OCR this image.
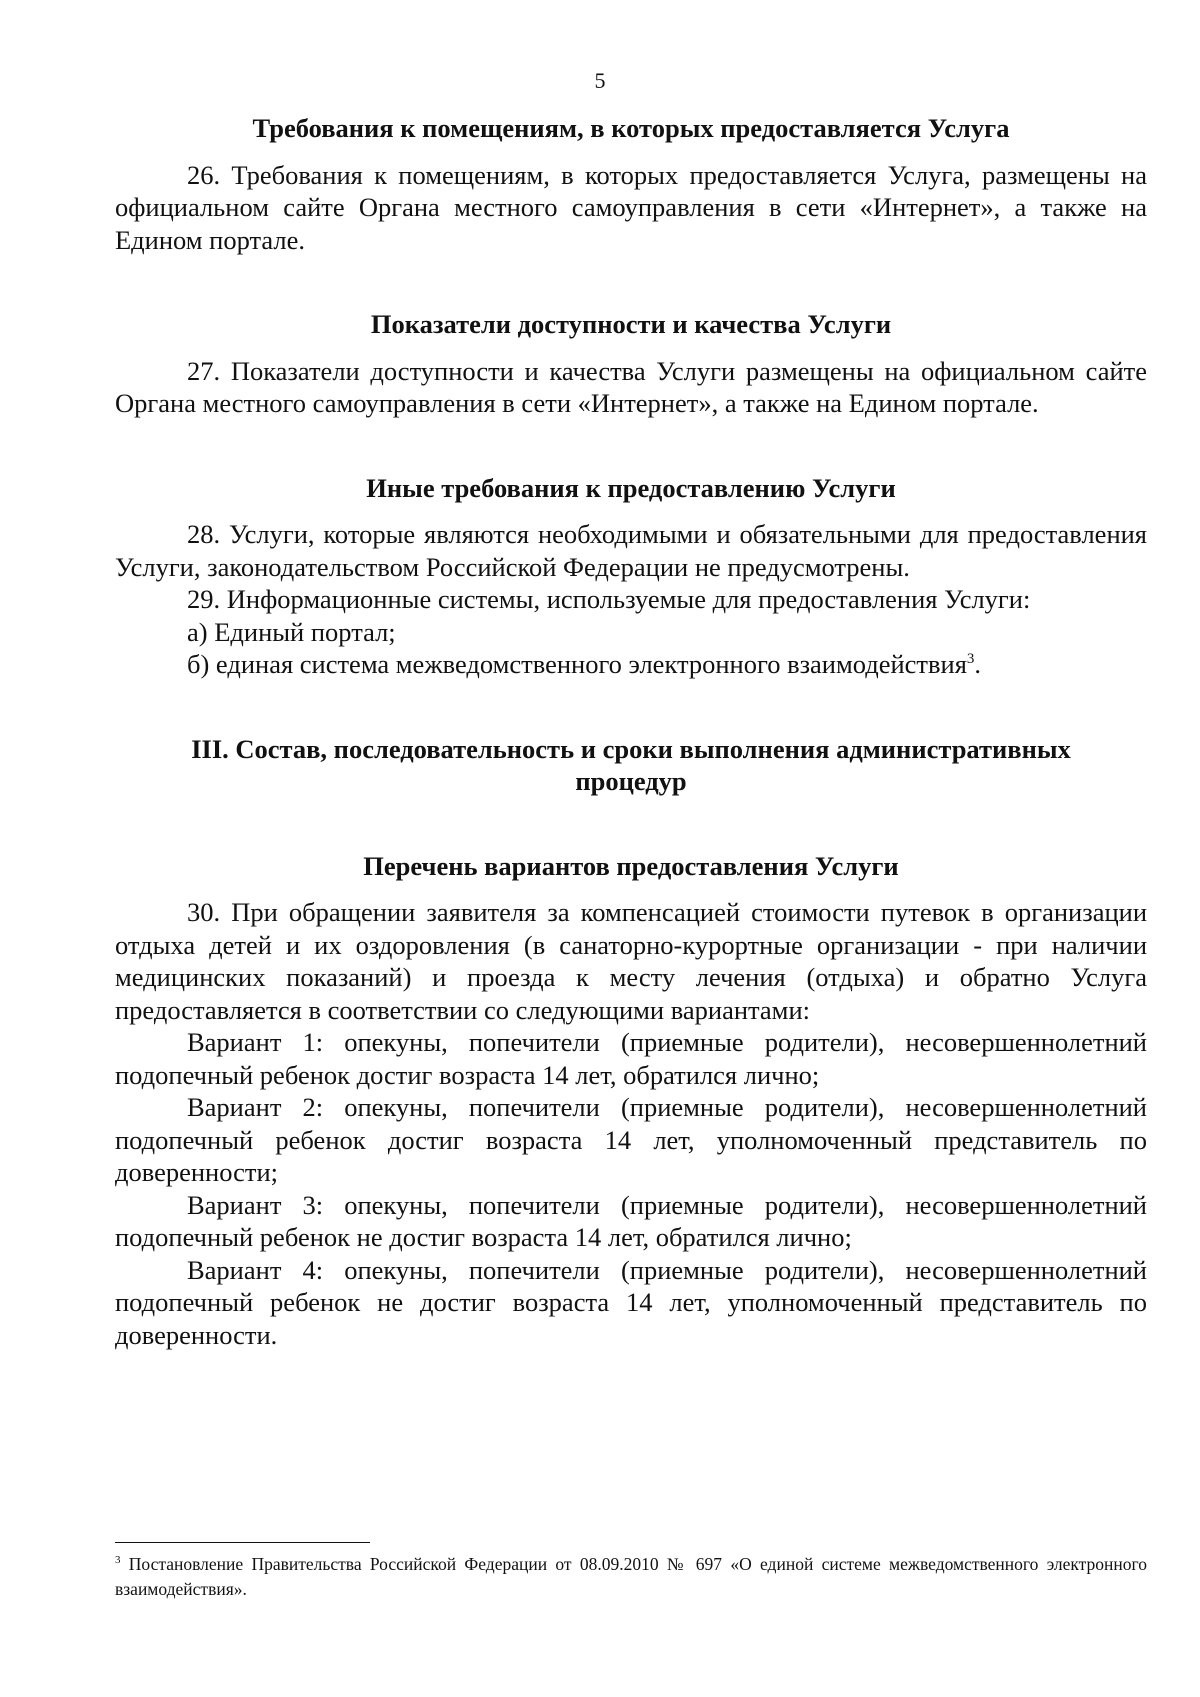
5

Требования к помещениям, в которых предоставляется Услуга

26. Требования к помещениям, в которых предоставляется Услуга, размещены на официальном сайте Органа местного самоуправления в сети «Интернет», а также на Едином портале.

Показатели доступности и качества Услуги

27. Показатели доступности и качества Услуги размещены на официальном сайте Органа местного самоуправления в сети «Интернет», а также на Едином портале.

Иные требования к предоставлению Услуги

28. Услуги, которые являются необходимыми и обязательными для предоставления Услуги, законодательством Российской Федерации не предусмотрены.

29. Информационные системы, используемые для предоставления Услуги:

а) Единый портал;

б) единая система межведомственного электронного взаимодействия$^3$.

III. Состав, последовательность и сроки выполнения административных
процедур

Перечень вариантов предоставления Услуги

30. При обращении заявителя за компенсацией стоимости путевок в организации отдыха детей и их оздоровления (в санаторно-курортные организации - при наличии медицинских показаний) и проезда к месту лечения (отдыха) и обратно Услуга предоставляется в соответствии со следующими вариантами:

Вариант 1: опекуны, попечители (приемные родители), несовершеннолетний подопечный ребенок достиг возраста 14 лет, обратился лично;

Вариант 2: опекуны, попечители (приемные родители), несовершеннолетний подопечный ребенок достиг возраста 14 лет, уполномоченный представитель по доверенности;

Вариант 3: опекуны, попечители (приемные родители), несовершеннолетний подопечный ребенок не достиг возраста 14 лет, обратился лично;

Вариант 4: опекуны, попечители (приемные родители), несовершеннолетний подопечный ребенок не достиг возраста 14 лет, уполномоченный представитель по доверенности.

$^3$ Постановление Правительства Российской Федерации от 08.09.2010 № 697 «О единой системе межведомственного электронного взаимодействия».
